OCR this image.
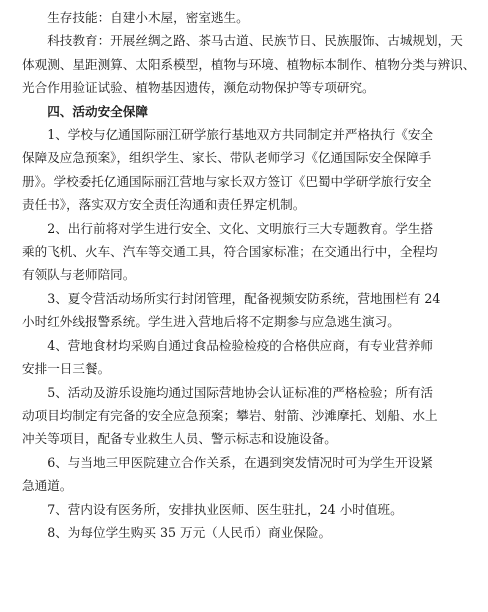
生存技能：自建小木屋，密室逃生。

科技教育：开展丝绸之路、茶马古道、民族节日、民族服饰、古城规划，天
体观测、星距测算、太阳系模型，植物与环境、植物标本制作、植物分类与辨识、
光合作用验证试验、植物基因遗传，濒危动物保护等专项研究。

四、活动安全保障

1、学校与亿通国际丽江研学旅行基地双方共同制定并严格执行《安全
保障及应急预案》，组织学生、家长、带队老师学习《亿通国际安全保障手
册》。学校委托亿通国际丽江营地与家长双方签订《巴蜀中学研学旅行安全
责任书》，落实双方安全责任沟通和责任界定机制。

2、出行前将对学生进行安全、文化、文明旅行三大专题教育。学生搭
乘的飞机、火车、汽车等交通工具，符合国家标准；在交通出行中，全程均
有领队与老师陪同。

3、夏令营活动场所实行封闭管理，配备视频安防系统，营地围栏有 24
小时红外线报警系统。学生进入营地后将不定期参与应急逃生演习。

4、营地食材均采购自通过食品检验检疫的合格供应商，有专业营养师
安排一日三餐。

5、活动及游乐设施均通过国际营地协会认证标准的严格检验；所有活
动项目均制定有完备的安全应急预案；攀岩、射箭、沙滩摩托、划船、水上
冲关等项目，配备专业救生人员、警示标志和设施设备。

6、与当地三甲医院建立合作关系，在遇到突发情况时可为学生开设紧
急通道。

7、营内设有医务所，安排执业医师、医生驻扎，24 小时值班。

8、为每位学生购买 35 万元（人民币）商业保险。
